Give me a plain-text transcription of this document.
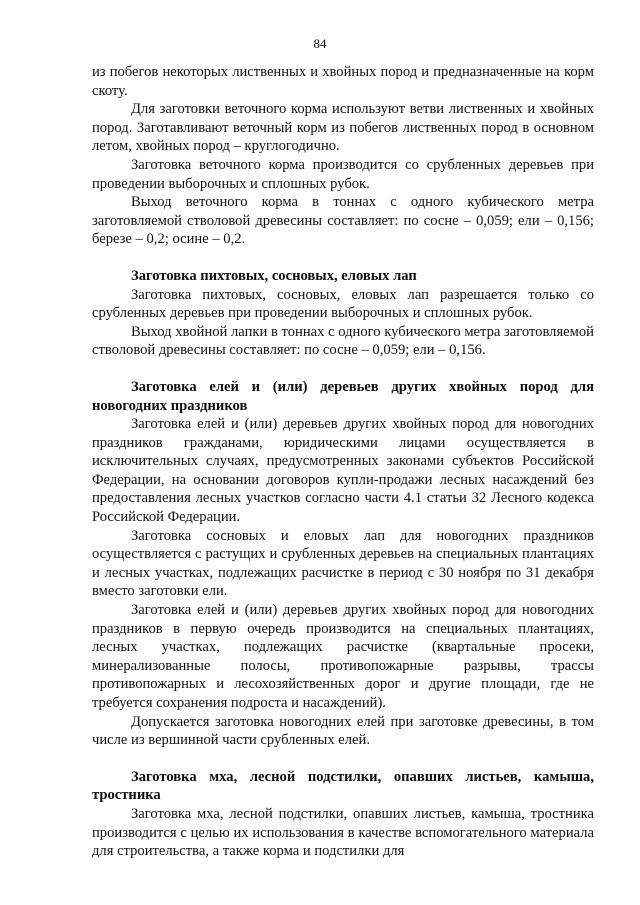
84

из побегов некоторых лиственных и хвойных пород и предназначенные на корм скоту.

Для заготовки веточного корма используют ветви лиственных и хвойных пород. Заготавливают веточный корм из побегов лиственных пород в основном летом, хвойных пород – круглогодично.

Заготовка веточного корма производится со срубленных деревьев при проведении выборочных и сплошных рубок.

Выход веточного корма в тоннах с одного кубического метра заготовляемой стволовой древесины составляет: по сосне – 0,059; ели – 0,156; березе – 0,2; осине – 0,2.

Заготовка пихтовых, сосновых, еловых лап

Заготовка пихтовых, сосновых, еловых лап разрешается только со срубленных деревьев при проведении выборочных и сплошных рубок.

Выход хвойной лапки в тоннах с одного кубического метра заготовляемой стволовой древесины составляет: по сосне – 0,059; ели – 0,156.

Заготовка елей и (или) деревьев других хвойных пород для новогодних праздников

Заготовка елей и (или) деревьев других хвойных пород для новогодних праздников гражданами, юридическими лицами осуществляется в исключительных случаях, предусмотренных законами субъектов Российской Федерации, на основании договоров купли-продажи лесных насаждений без предоставления лесных участков согласно части 4.1 статьи 32 Лесного кодекса Российской Федерации.

Заготовка сосновых и еловых лап для новогодних праздников осуществляется с растущих и срубленных деревьев на специальных плантациях и лесных участках, подлежащих расчистке в период с 30 ноября по 31 декабря вместо заготовки ели.

Заготовка елей и (или) деревьев других хвойных пород для новогодних праздников в первую очередь производится на специальных плантациях, лесных участках, подлежащих расчистке (квартальные просеки, минерализованные полосы, противопожарные разрывы, трассы противопожарных и лесохозяйственных дорог и другие площади, где не требуется сохранения подроста и насаждений).

Допускается заготовка новогодних елей при заготовке древесины, в том числе из вершинной части срубленных елей.

Заготовка мха, лесной подстилки, опавших листьев, камыша, тростника

Заготовка мха, лесной подстилки, опавших листьев, камыша, тростника производится с целью их использования в качестве вспомогательного материала для строительства, а также корма и подстилки для
